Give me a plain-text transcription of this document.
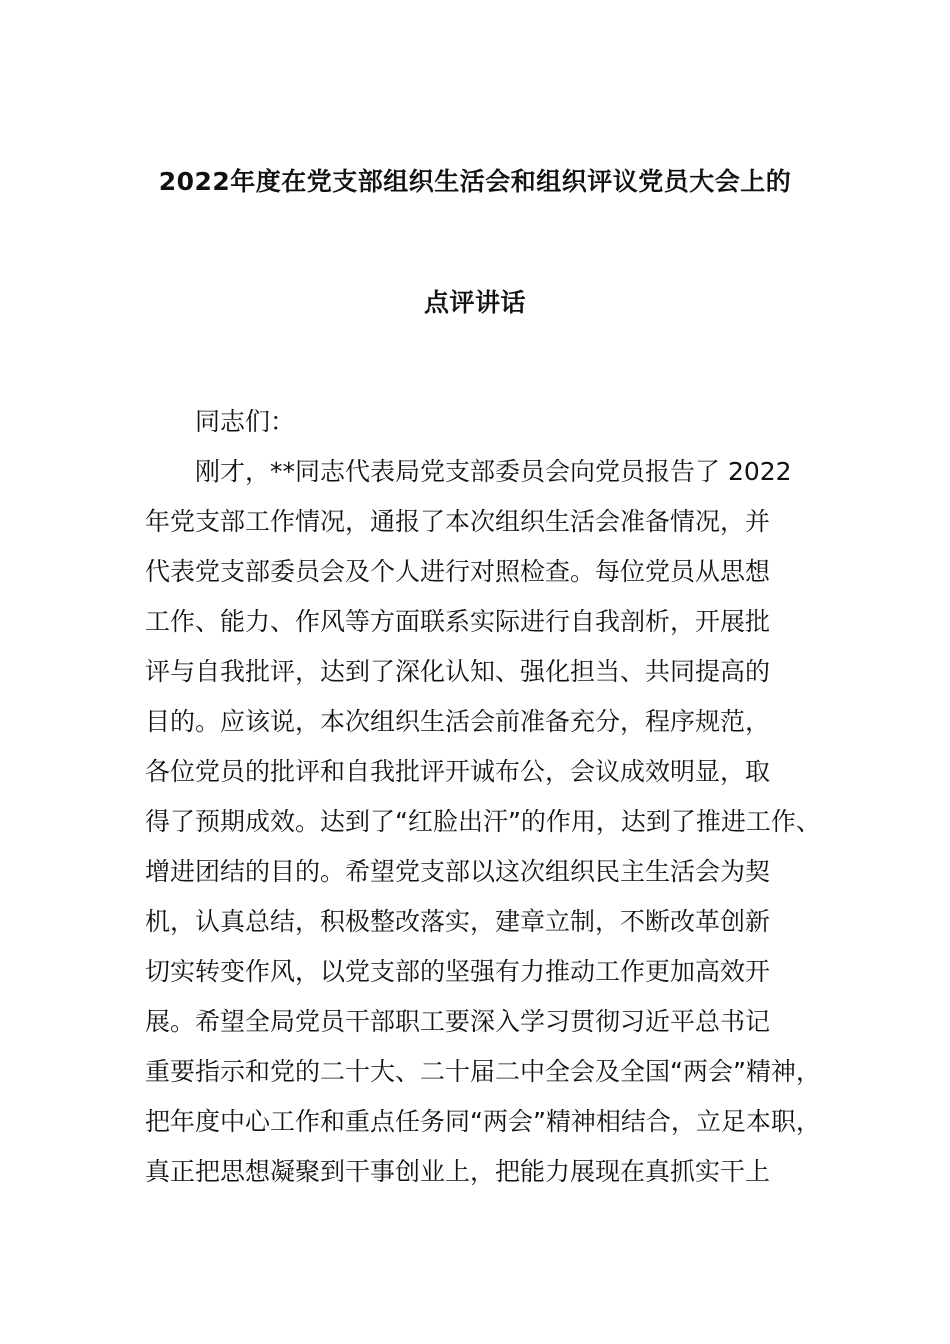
2022年度在党支部组织生活会和组织评议党员大会上的
点评讲话
同志们：
刚才，**同志代表局党支部委员会向党员报告了 2022
年党支部工作情况，通报了本次组织生活会准备情况，并
代表党支部委员会及个人进行对照检查。每位党员从思想
工作、能力、作风等方面联系实际进行自我剖析，开展批
评与自我批评，达到了深化认知、强化担当、共同提高的
目的。应该说，本次组织生活会前准备充分，程序规范，
各位党员的批评和自我批评开诚布公，会议成效明显，取
得了预期成效。达到了“红脸出汗”的作用，达到了推进工作、
增进团结的目的。希望党支部以这次组织民主生活会为契
机，认真总结，积极整改落实，建章立制，不断改革创新
切实转变作风，以党支部的坚强有力推动工作更加高效开
展。希望全局党员干部职工要深入学习贯彻习近平总书记
重要指示和党的二十大、二十届二中全会及全国“两会”精神，
把年度中心工作和重点任务同“两会”精神相结合，立足本职，
真正把思想凝聚到干事创业上，把能力展现在真抓实干上
